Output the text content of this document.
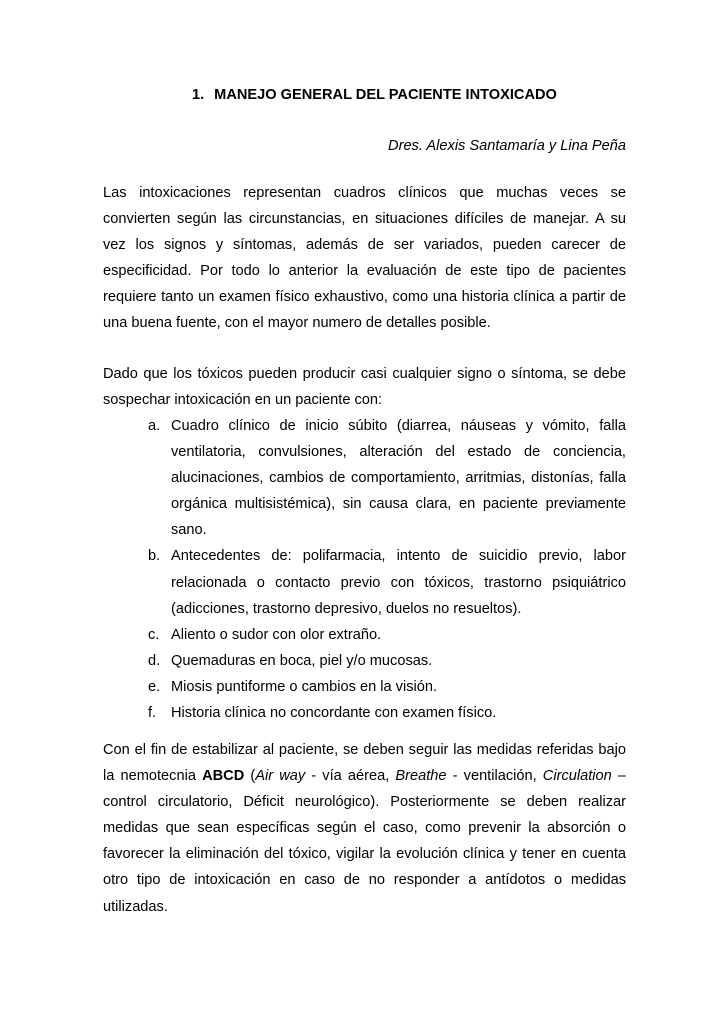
1. MANEJO GENERAL DEL PACIENTE INTOXICADO
Dres. Alexis Santamaría y Lina Peña

Las intoxicaciones representan cuadros clínicos que muchas veces se convierten según las circunstancias, en situaciones difíciles de manejar. A su vez los signos y síntomas, además de ser variados, pueden carecer de especificidad. Por todo lo anterior la evaluación de este tipo de pacientes requiere tanto un examen físico exhaustivo, como una historia clínica a partir de una buena fuente, con el mayor numero de detalles posible.

Dado que los tóxicos pueden producir casi cualquier signo o síntoma, se debe sospechar intoxicación en un paciente con:

a. Cuadro clínico de inicio súbito (diarrea, náuseas y vómito, falla ventilatoria, convulsiones, alteración del estado de conciencia, alucinaciones, cambios de comportamiento, arritmias, distonías, falla orgánica multisistémica), sin causa clara, en paciente previamente sano.
b. Antecedentes de: polifarmacia, intento de suicidio previo, labor relacionada o contacto previo con tóxicos, trastorno psiquiátrico (adicciones, trastorno depresivo, duelos no resueltos).
c. Aliento o sudor con olor extraño.
d. Quemaduras en boca, piel y/o mucosas.
e. Miosis puntiforme o cambios en la visión.
f. Historia clínica no concordante con examen físico.

Con el fin de estabilizar al paciente, se deben seguir las medidas referidas bajo la nemotecnia ABCD (Air way - vía aérea, Breathe - ventilación, Circulation – control circulatorio, Déficit neurológico). Posteriormente se deben realizar medidas que sean específicas según el caso, como prevenir la absorción o favorecer la eliminación del tóxico, vigilar la evolución clínica y tener en cuenta otro tipo de intoxicación en caso de no responder a antídotos o medidas utilizadas.
